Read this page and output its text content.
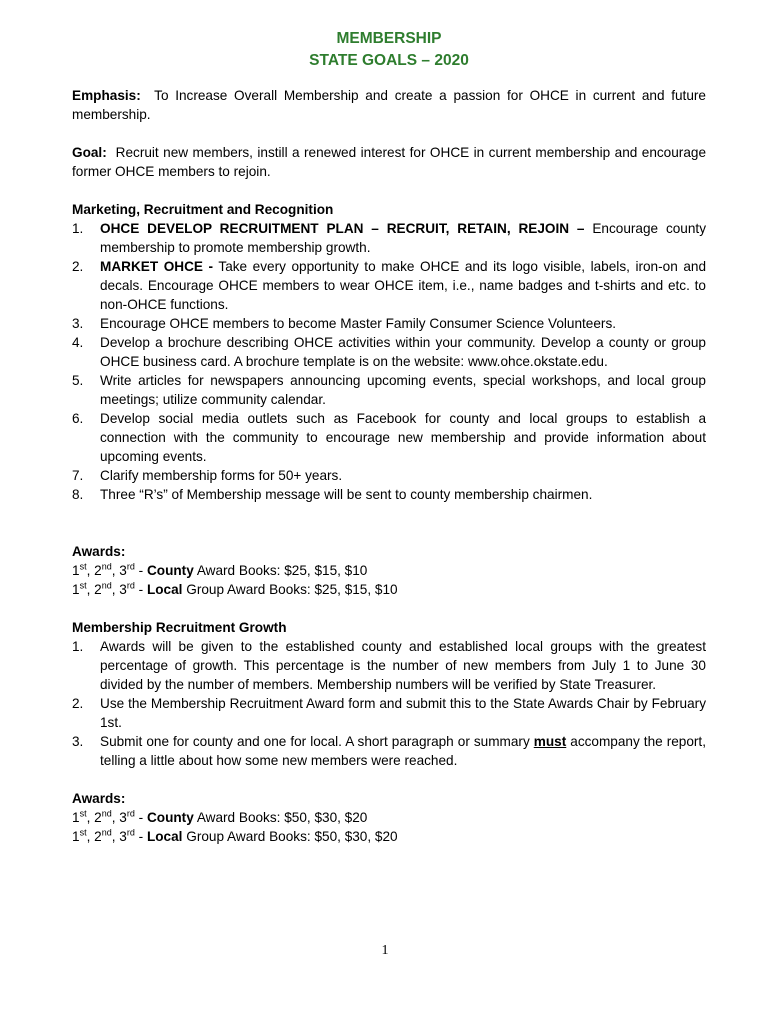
MEMBERSHIP
STATE GOALS – 2020

Emphasis: To Increase Overall Membership and create a passion for OHCE in current and future membership.

Goal: Recruit new members, instill a renewed interest for OHCE in current membership and encourage former OHCE members to rejoin.

Marketing, Recruitment and Recognition

1. OHCE DEVELOP RECRUITMENT PLAN – RECRUIT, RETAIN, REJOIN – Encourage county membership to promote membership growth.
2. MARKET OHCE - Take every opportunity to make OHCE and its logo visible, labels, iron-on and decals. Encourage OHCE members to wear OHCE item, i.e., name badges and t-shirts and etc. to non-OHCE functions.
3. Encourage OHCE members to become Master Family Consumer Science Volunteers.
4. Develop a brochure describing OHCE activities within your community. Develop a county or group OHCE business card. A brochure template is on the website: www.ohce.okstate.edu.
5. Write articles for newspapers announcing upcoming events, special workshops, and local group meetings; utilize community calendar.
6. Develop social media outlets such as Facebook for county and local groups to establish a connection with the community to encourage new membership and provide information about upcoming events.
7. Clarify membership forms for 50+ years.
8. Three “R’s” of Membership message will be sent to county membership chairmen.

Awards:

1st, 2nd, 3rd - County Award Books: $25, $15, $10

1st, 2nd, 3rd - Local Group Award Books: $25, $15, $10

Membership Recruitment Growth

1. Awards will be given to the established county and established local groups with the greatest percentage of growth. This percentage is the number of new members from July 1 to June 30 divided by the number of members. Membership numbers will be verified by State Treasurer.
2. Use the Membership Recruitment Award form and submit this to the State Awards Chair by February 1st.
3. Submit one for county and one for local. A short paragraph or summary must accompany the report, telling a little about how some new members were reached.

Awards:

1st, 2nd, 3rd - County Award Books: $50, $30, $20

1st, 2nd, 3rd - Local Group Award Books: $50, $30, $20

1
